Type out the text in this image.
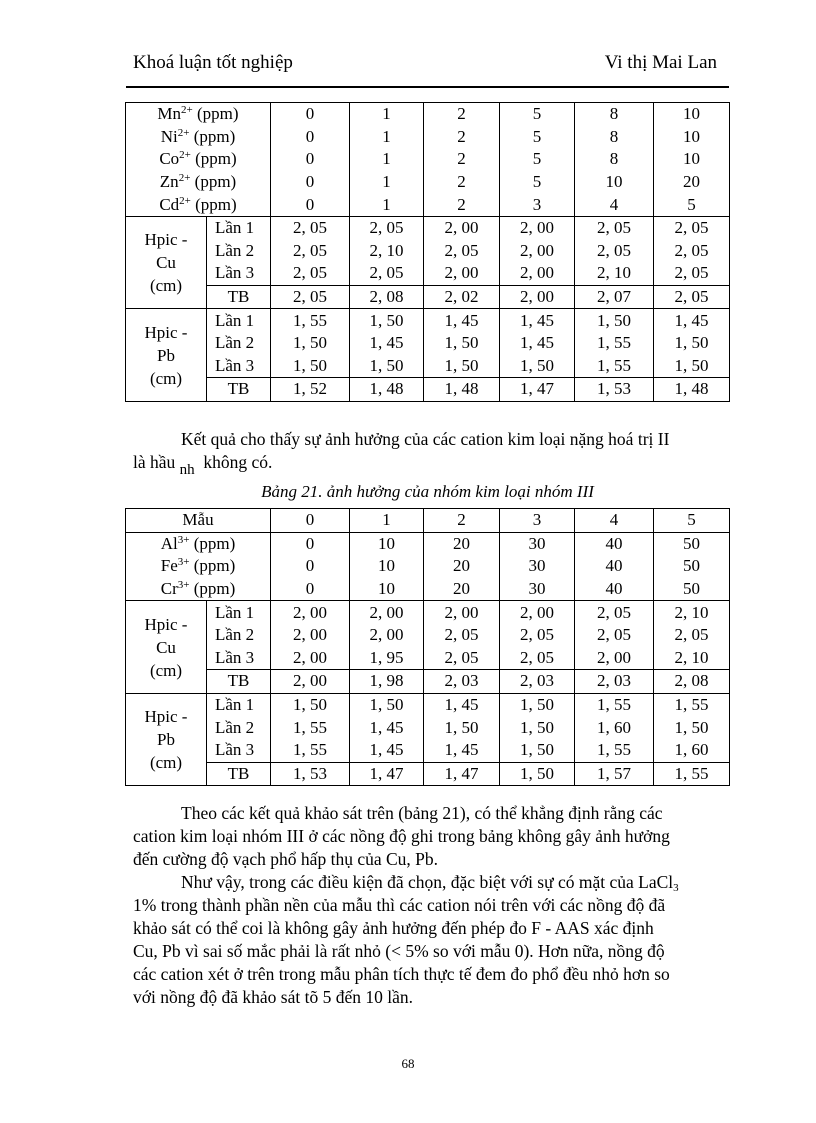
Khoá luận tốt nghiệp	Vi thị Mai Lan
$Mn^{2+}$ (ppm)		0	1	2	5	8	10
$Ni^{2+}$ (ppm)		0	1	2	5	8	10
$Co^{2+}$ (ppm)		0	1	2	5	8	10
$Zn^{2+}$ (ppm)		0	1	2	5	10	20
$Cd^{2+}$ (ppm)		0	1	2	3	4	5

Hpic -
Cu
(cm)	Lần 1	2, 05	2, 05	2, 00	2, 00	2, 05	2, 05
	Lần 2	2, 05	2, 10	2, 05	2, 00	2, 05	2, 05
	Lần 3	2, 05	2, 05	2, 00	2, 00	2, 10	2, 05
	TB	2, 05	2, 08	2, 02	2, 00	2, 07	2, 05

Hpic -
Pb
(cm)	Lần 1	1, 55	1, 50	1, 45	1, 45	1, 50	1, 45
	Lần 2	1, 50	1, 45	1, 50	1, 45	1, 55	1, 50
	Lần 3	1, 50	1, 50	1, 50	1, 50	1, 55	1, 50
	TB	1, 52	1, 48	1, 48	1, 47	1, 53	1, 48
Kết quả cho thấy sự ảnh hưởng của các cation kim loại nặng hoá trị II
là hầu $_{nh}$ không có.
Bảng 21. ảnh hưởng của nhóm kim loại nhóm III
Mẫu		0	1	2	3	4	5
$Al^{3+}$ (ppm)		0	10	20	30	40	50
$Fe^{3+}$ (ppm)		0	10	20	30	40	50
$Cr^{3+}$ (ppm)		0	10	20	30	40	50

Hpic -
Cu
(cm)	Lần 1	2, 00	2, 00	2, 00	2, 00	2, 05	2, 10
	Lần 2	2, 00	2, 00	2, 05	2, 05	2, 05	2, 05
	Lần 3	2, 00	1, 95	2, 05	2, 05	2, 00	2, 10
	TB	2, 00	1, 98	2, 03	2, 03	2, 03	2, 08

Hpic -
Pb
(cm)	Lần 1	1, 50	1, 50	1, 45	1, 50	1, 55	1, 55
	Lần 2	1, 55	1, 45	1, 50	1, 50	1, 60	1, 50
	Lần 3	1, 55	1, 45	1, 45	1, 50	1, 55	1, 60
	TB	1, 53	1, 47	1, 47	1, 50	1, 57	1, 55
Theo các kết quả khảo sát trên (bảng 21), có thể khẳng định rằng các
cation kim loại nhóm III ở các nồng độ ghi trong bảng không gây ảnh hưởng
đến cường độ vạch phổ hấp thụ của Cu, Pb.
Như vậy, trong các điều kiện đã chọn, đặc biệt với sự có mặt của LaCl$_3$
1% trong thành phần nền của mẫu thì các cation nói trên với các nồng độ đã
khảo sát có thể coi là không gây ảnh hưởng đến phép đo F - AAS xác định
Cu, Pb vì sai số mắc phải là rất nhỏ (< 5% so với mẫu 0). Hơn nữa, nồng độ
các cation xét ở trên trong mẫu phân tích thực tế đem đo phổ đều nhỏ hơn so
với nồng độ đã khảo sát tõ 5 đến 10 lần.
68
